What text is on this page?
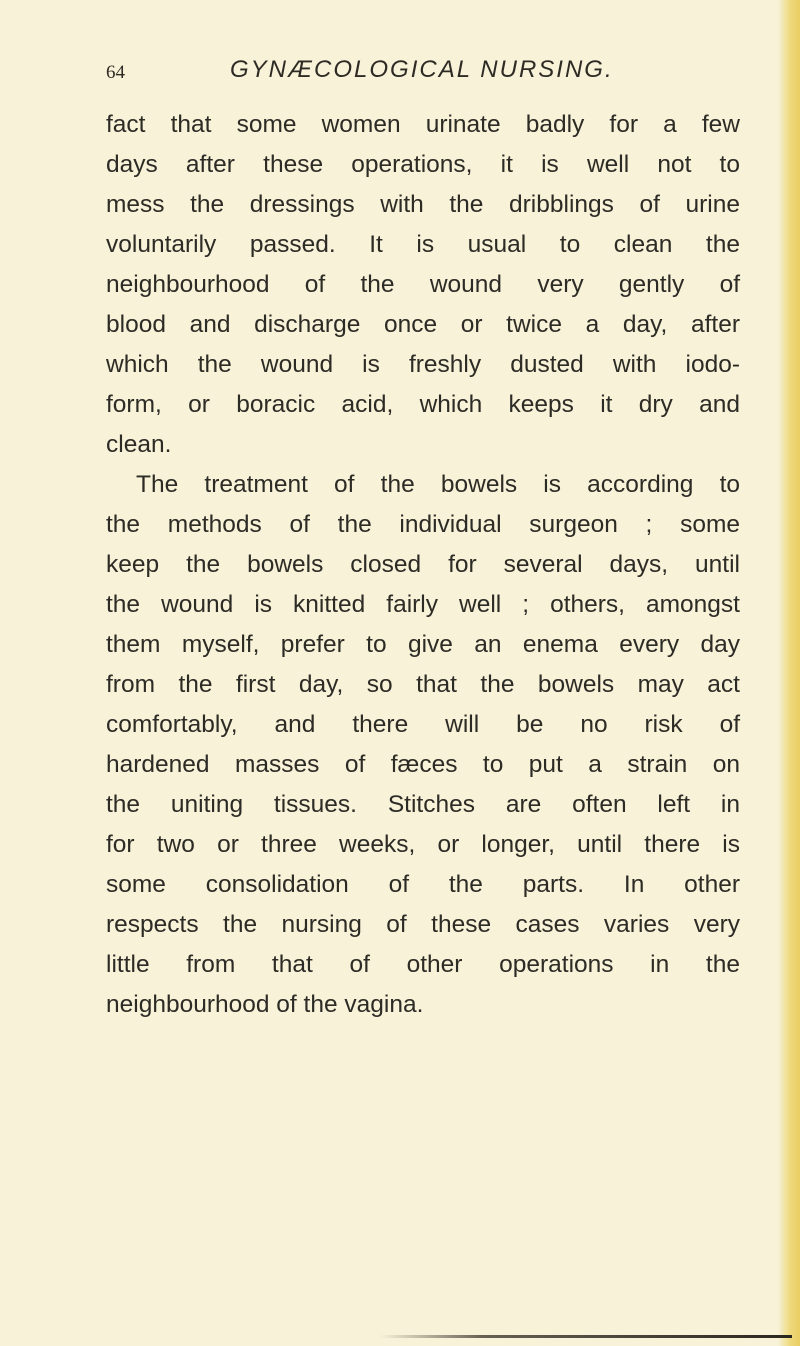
64	GYNÆCOLOGICAL NURSING.
fact that some women urinate badly for a few
days after these operations, it is well not to
mess the dressings with the dribblings of urine
voluntarily passed. It is usual to clean the
neighbourhood of the wound very gently of
blood and discharge once or twice a day, after
which the wound is freshly dusted with iodo-
form, or boracic acid, which keeps it dry and
clean.
The treatment of the bowels is according to
the methods of the individual surgeon ; some
keep the bowels closed for several days, until
the wound is knitted fairly well ; others, amongst
them myself, prefer to give an enema every day
from the first day, so that the bowels may act
comfortably, and there will be no risk of
hardened masses of fæces to put a strain on
the uniting tissues. Stitches are often left in
for two or three weeks, or longer, until there is
some consolidation of the parts. In other
respects the nursing of these cases varies very
little from that of other operations in the
neighbourhood of the vagina.
